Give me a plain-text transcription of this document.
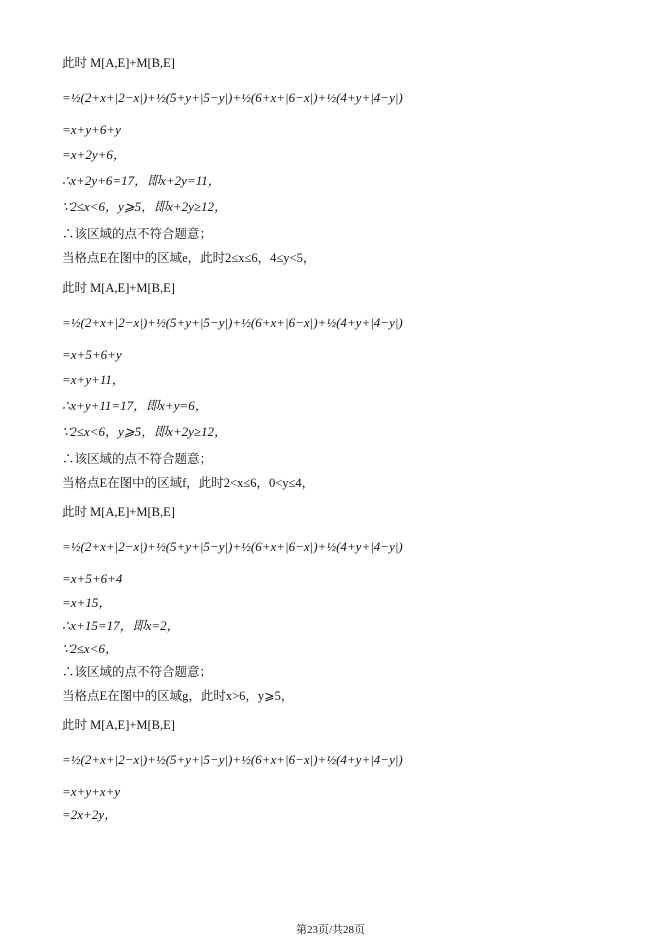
此时 M[A,E]+M[B,E]
=½(2+x+|2−x|)+½(5+y+|5−y|)+½(6+x+|6−x|)+½(4+y+|4−y|)
=x+y+6+y
=x+2y+6，
∴x+2y+6=17，即x+2y=11，
∵2≤x<6，y⩾5，即x+2y≥12，
∴该区域的点不符合题意；
当格点E在图中的区域e，此时2≤x≤6，4≤y<5，
此时 M[A,E]+M[B,E]
=½(2+x+|2−x|)+½(5+y+|5−y|)+½(6+x+|6−x|)+½(4+y+|4−y|)
=x+5+6+y
=x+y+11，
∴x+y+11=17，即x+y=6，
∵2≤x<6，y⩾5，即x+2y≥12，
∴该区域的点不符合题意；
当格点E在图中的区域f，此时2<x≤6，0<y≤4，
此时 M[A,E]+M[B,E]
=½(2+x+|2−x|)+½(5+y+|5−y|)+½(6+x+|6−x|)+½(4+y+|4−y|)
=x+5+6+4
=x+15，
∴x+15=17，即x=2，
∵2≤x<6，
∴该区域的点不符合题意；
当格点E在图中的区域g，此时x>6，y⩾5，
此时 M[A,E]+M[B,E]
=½(2+x+|2−x|)+½(5+y+|5−y|)+½(6+x+|6−x|)+½(4+y+|4−y|)
=x+y+x+y
=2x+2y，
第23页/共28页
